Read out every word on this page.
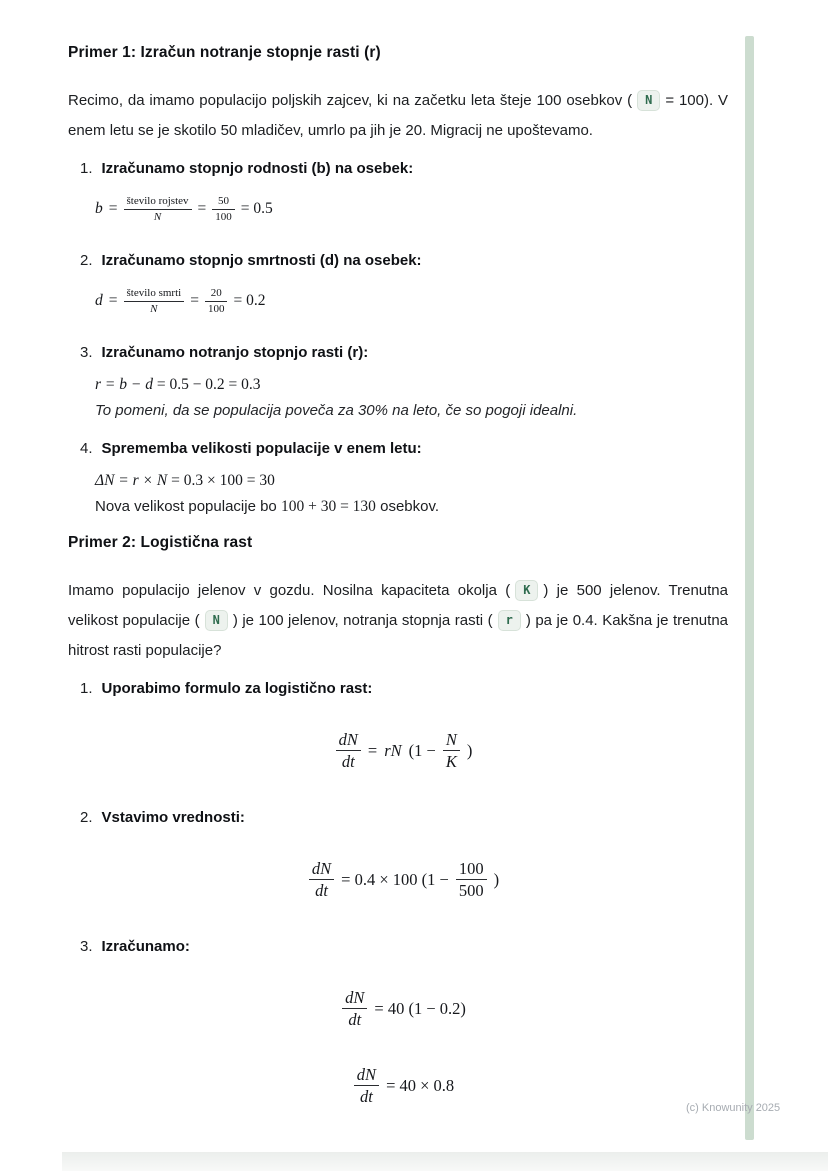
Primer 1: Izračun notranje stopnje rasti (r)

Recimo, da imamo populacijo poljskih zajcev, ki na začetku leta šteje 100 osebkov ( N = 100). V enem letu se je skotilo 50 mladičev, umrlo pa jih je 20. Migracij ne upoštevamo.

1. Izračunamo stopnjo rodnosti (b) na osebek:
$b = \frac{\text{število rojstev}}{N} = \frac{50}{100} = 0.5$
2. Izračunamo stopnjo smrtnosti (d) na osebek:
$d = \frac{\text{število smrti}}{N} = \frac{20}{100} = 0.2$
3. Izračunamo notranjo stopnjo rasti (r):
r = b − d = 0.5 − 0.2 = 0.3
To pomeni, da se populacija poveča za 30% na leto, če so pogoji idealni.
4. Sprememba velikosti populacije v enem letu:
ΔN = r × N = 0.3 × 100 = 30
Nova velikost populacije bo 100 + 30 = 130 osebkov.
Primer 2: Logistična rast

Imamo populacijo jelenov v gozdu. Nosilna kapaciteta okolja ( K ) je 500 jelenov. Trenutna velikost populacije ( N ) je 100 jelenov, notranja stopnja rasti ( r ) pa je 0.4. Kakšna je trenutna hitrost rasti populacije?

1. Uporabimo formulo za logistično rast:
$\frac{dN}{dt}$ = rN ($1 - \frac{N}{K}$ )
2. Vstavimo vrednosti:
$\frac{dN}{dt} = 0.4 \times 100$ ($1 - \frac{100}{500}$ )
3. Izračunamo:
$\frac{dN}{dt} = 40$ (1 − 0.2)
$\frac{dN}{dt} = 40 \times 0.8$
(c) Knowunity 2025
